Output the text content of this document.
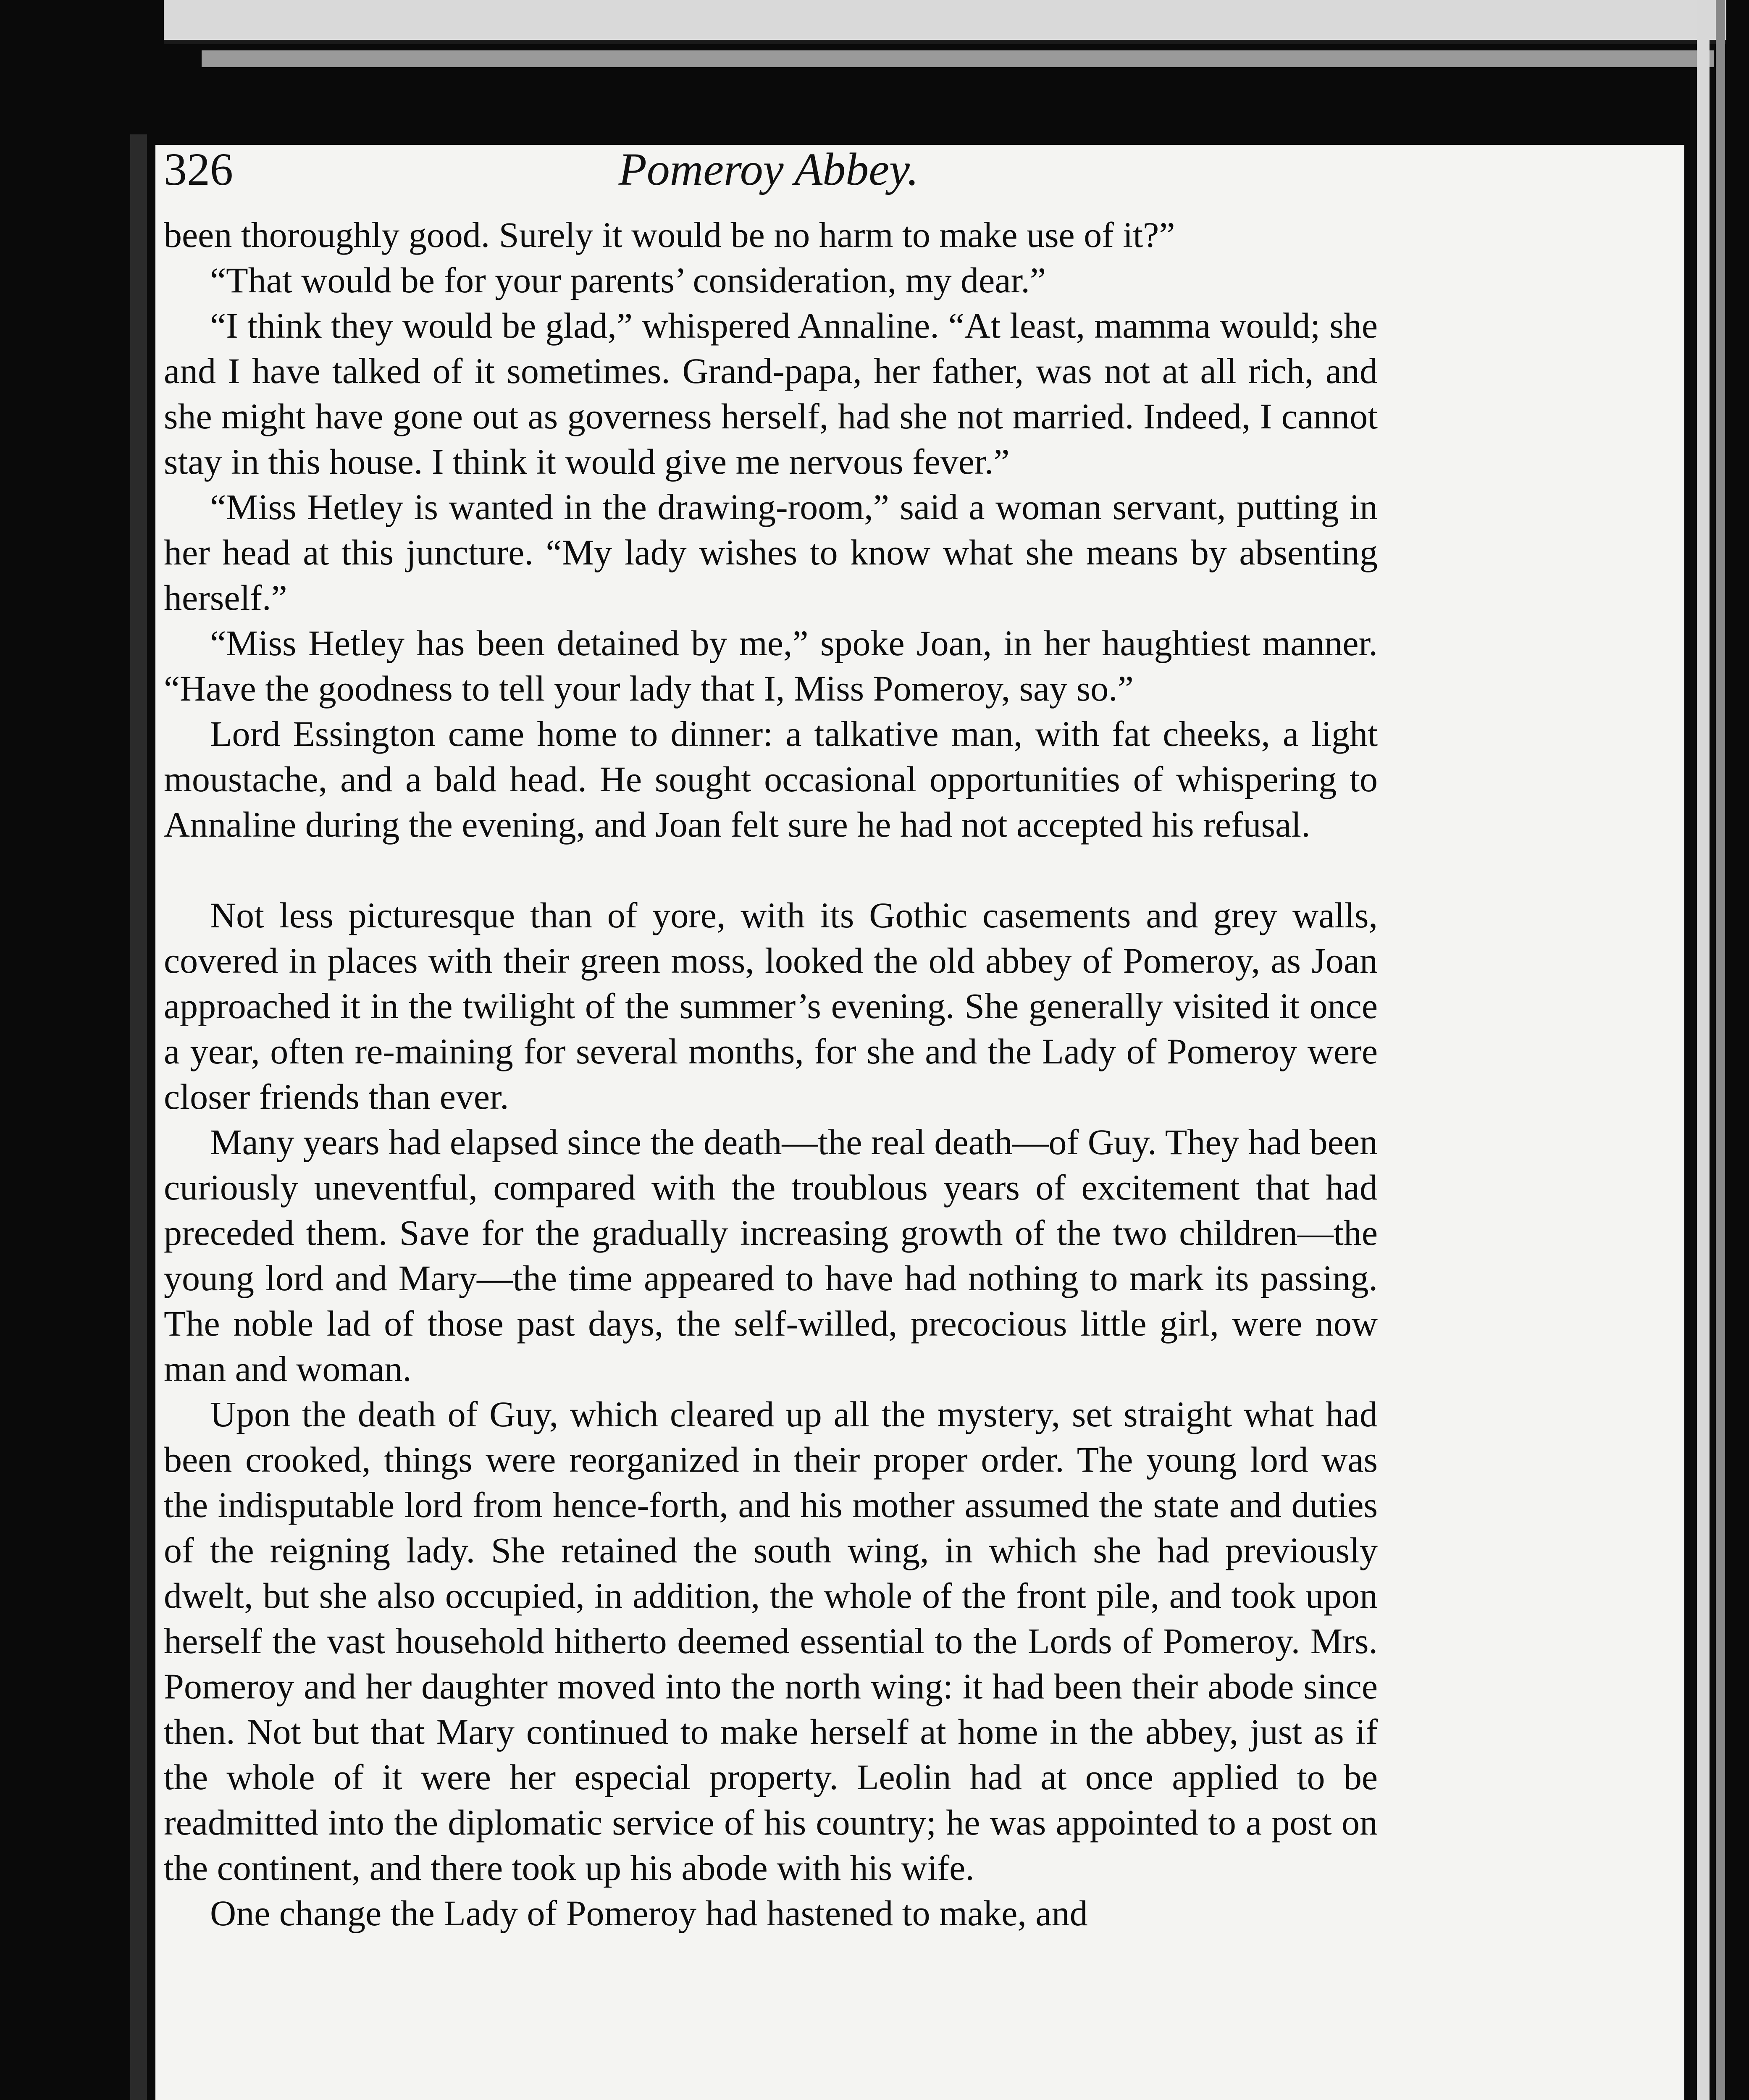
326	Pomeroy Abbey.

been thoroughly good. Surely it would be no harm to make use of it?”

“That would be for your parents’ consideration, my dear.”

“I think they would be glad,” whispered Annaline. “At least, mamma would; she and I have talked of it sometimes. Grand-papa, her father, was not at all rich, and she might have gone out as governess herself, had she not married. Indeed, I cannot stay in this house. I think it would give me nervous fever.”

“Miss Hetley is wanted in the drawing-room,” said a woman servant, putting in her head at this juncture. “My lady wishes to know what she means by absenting herself.”

“Miss Hetley has been detained by me,” spoke Joan, in her haughtiest manner. “Have the goodness to tell your lady that I, Miss Pomeroy, say so.”

Lord Essington came home to dinner: a talkative man, with fat cheeks, a light moustache, and a bald head. He sought occasional opportunities of whispering to Annaline during the evening, and Joan felt sure he had not accepted his refusal.

Not less picturesque than of yore, with its Gothic casements and grey walls, covered in places with their green moss, looked the old abbey of Pomeroy, as Joan approached it in the twilight of the summer’s evening. She generally visited it once a year, often re-maining for several months, for she and the Lady of Pomeroy were closer friends than ever.

Many years had elapsed since the death—the real death—of Guy. They had been curiously uneventful, compared with the troublous years of excitement that had preceded them. Save for the gradually increasing growth of the two children—the young lord and Mary—the time appeared to have had nothing to mark its passing. The noble lad of those past days, the self-willed, precocious little girl, were now man and woman.

Upon the death of Guy, which cleared up all the mystery, set straight what had been crooked, things were reorganized in their proper order. The young lord was the indisputable lord from hence-forth, and his mother assumed the state and duties of the reigning lady. She retained the south wing, in which she had previously dwelt, but she also occupied, in addition, the whole of the front pile, and took upon herself the vast household hitherto deemed essential to the Lords of Pomeroy. Mrs. Pomeroy and her daughter moved into the north wing: it had been their abode since then. Not but that Mary continued to make herself at home in the abbey, just as if the whole of it were her especial property. Leolin had at once applied to be readmitted into the diplomatic service of his country; he was appointed to a post on the continent, and there took up his abode with his wife.

One change the Lady of Pomeroy had hastened to make, and
